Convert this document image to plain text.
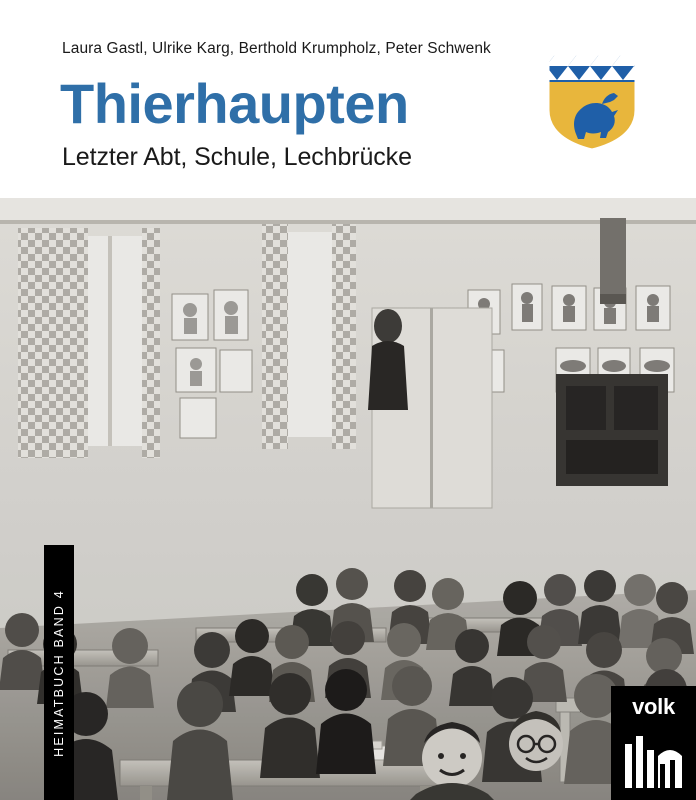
Laura Gastl, Ulrike Karg, Berthold Krumpholz, Peter Schwenk
Thierhaupten
Letzter Abt, Schule, Lechbrücke
HEIMATBUCH BAND 4	volk
